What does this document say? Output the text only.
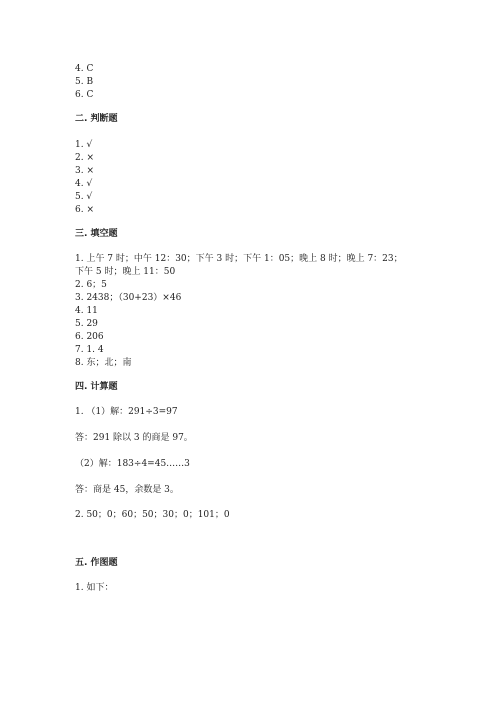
4. C
5. B
6. C
二. 判断题
1. √
2. ×
3. ×
4. √
5. √
6. ×
三. 填空题
1. 上午 7 时；中午 12：30；下午 3 时；下午 1：05；晚上 8 时；晚上 7：23；
下午 5 时；晚上 11：50
2. 6；5
3. 2438；（30+23）×46
4. 11
5. 29
6. 206
7. 1. 4
8. 东；北；南
四. 计算题
1. （1）解：291÷3=97
答：291 除以 3 的商是 97。
（2）解：183÷4=45……3
答：商是 45，余数是 3。
2. 50；0；60；50；30；0；101；0
五. 作图题
1. 如下：
